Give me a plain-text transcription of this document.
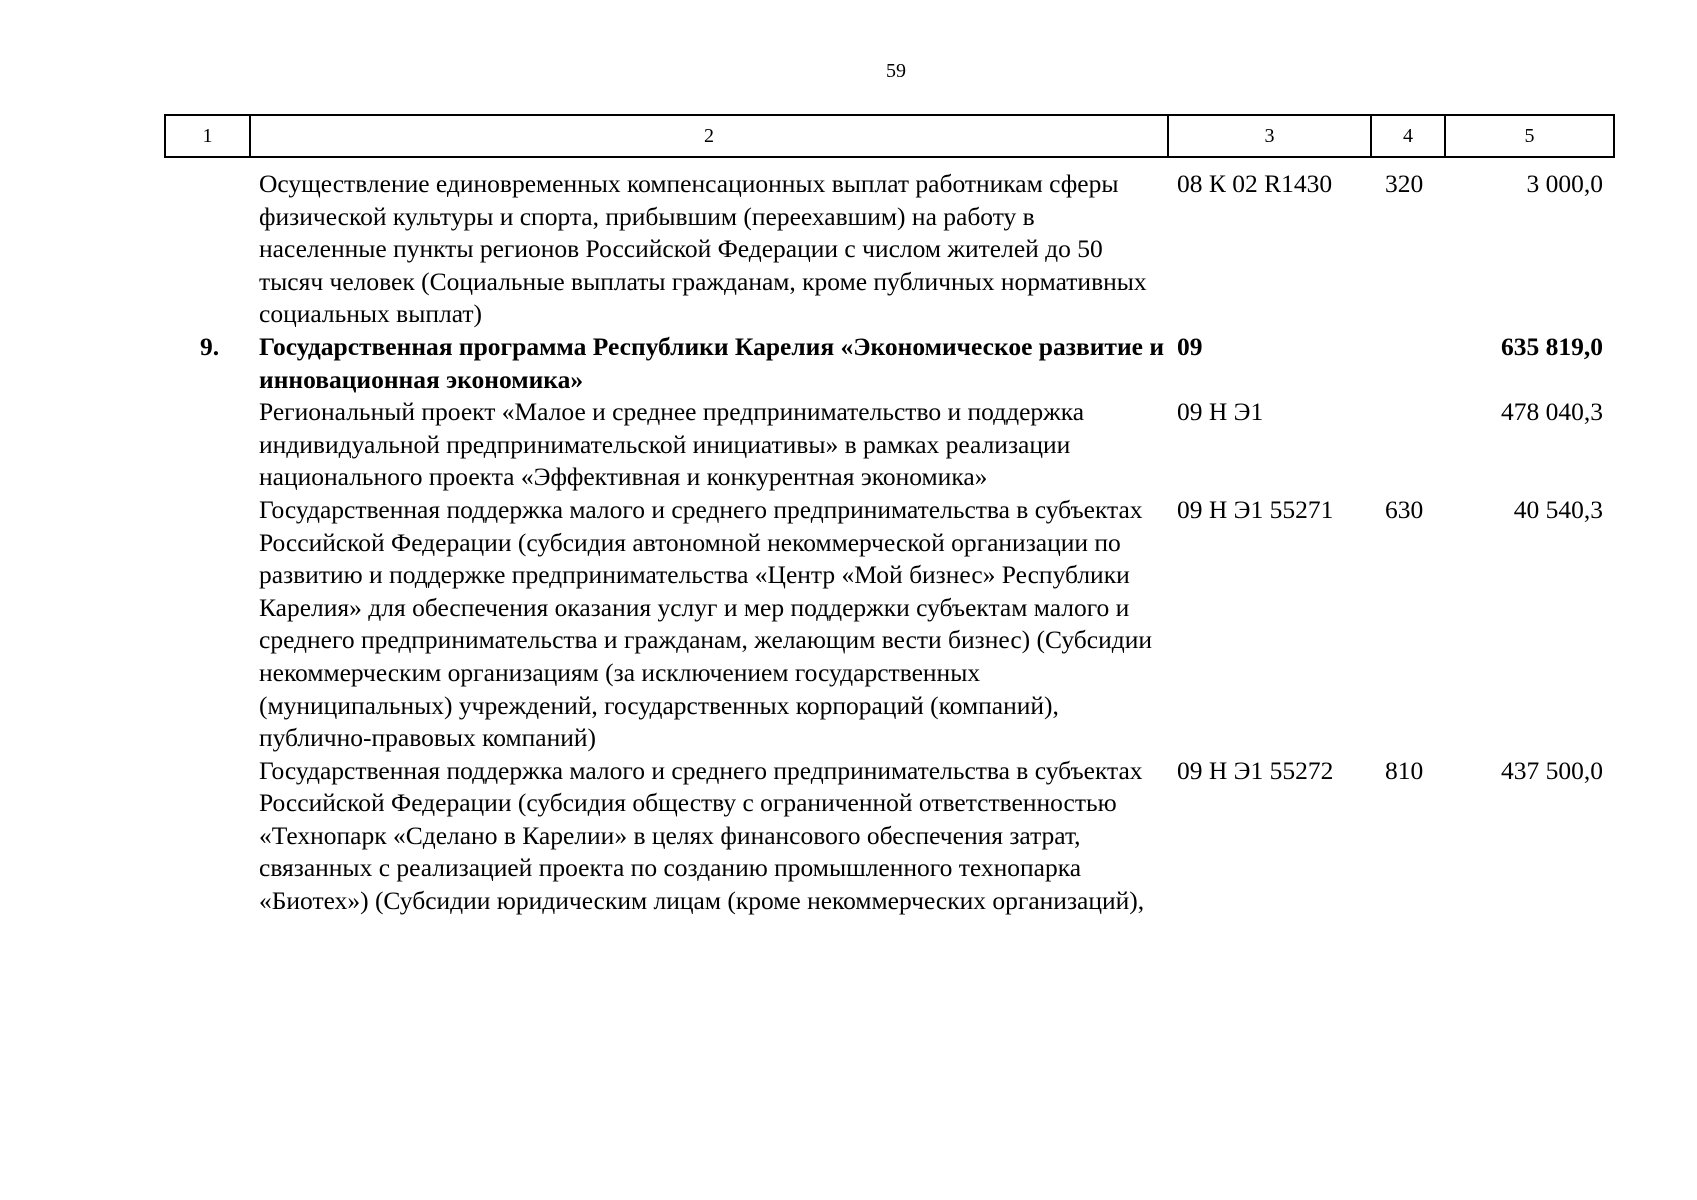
59
1	2	3	4	5
	Осуществление единовременных компенсационных выплат работникам сферы физической культуры и спорта, прибывшим (переехавшим) на работу в населенные пункты регионов Российской Федерации с числом жителей до 50 тысяч человек (Социальные выплаты гражданам, кроме публичных нормативных социальных выплат)	08 К 02 R1430	320	3 000,0

9.	Государственная программа Республики Карелия «Экономическое развитие и инновационная экономика»	09		635 819,0

	Региональный проект «Малое и среднее предпринимательство и поддержка индивидуальной предпринимательской инициативы» в рамках реализации национального проекта «Эффективная и конкурентная экономика»	09 Н Э1		478 040,3

	Государственная поддержка малого и среднего предпринимательства в субъектах Российской Федерации (субсидия автономной некоммерческой организации по развитию и поддержке предпринимательства «Центр «Мой бизнес» Республики Карелия» для обеспечения оказания услуг и мер поддержки субъектам малого и среднего предпринимательства и гражданам, желающим вести бизнес) (Субсидии некоммерческим организациям (за исключением государственных (муниципальных) учреждений, государственных корпораций (компаний), публично-правовых компаний)	09 Н Э1 55271	630	40 540,3

	Государственная поддержка малого и среднего предпринимательства в субъектах Российской Федерации (субсидия обществу с ограниченной ответственностью «Технопарк «Сделано в Карелии» в целях финансового обеспечения затрат, связанных с реализацией проекта по созданию промышленного технопарка «Биотех») (Субсидии юридическим лицам (кроме некоммерческих организаций),	09 Н Э1 55272	810	437 500,0
